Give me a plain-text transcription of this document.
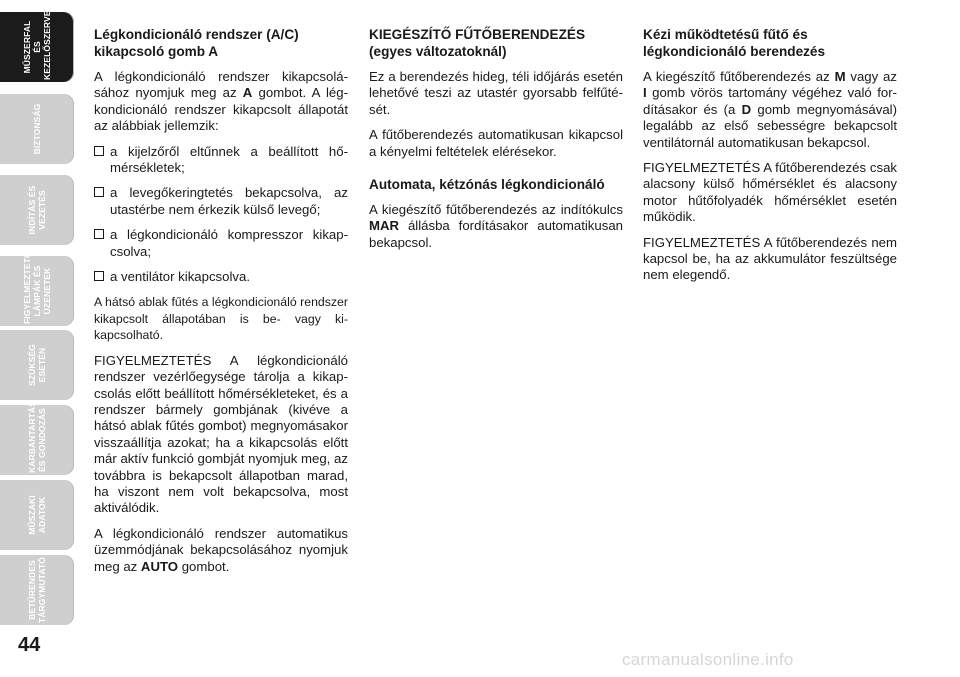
MŰSZERFAL ÉS
KEZELŐSZERVEK
BIZTONSÁG
INDÍTÁS ÉS
VEZETÉS
FIGYELMEZTETŐ
LÁMPÁK ÉS
ÜZENETEK
SZÜKSÉG
ESETÉN
KARBANTARTÁS
ÉS GONDOZÁS
MŰSZAKI
ADATOK
BETŰRENDES
TÁRGYMUTATÓ
44
Légkondicionáló rendszer (A/C) kikapcsoló gomb A

A légkondicionáló rendszer kikapcsolásához nyomjuk meg az A gombot. A légkondicionáló rendszer kikapcsolt állapotát az alábbiak jellemzik:

a kijelzőről eltűnnek a beállított hőmérsékletek;
a levegőkeringtetés bekapcsolva, az utastérbe nem érkezik külső levegő;
a légkondicionáló kompresszor kikapcsolva;
a ventilátor kikapcsolva.

A hátsó ablak fűtés a légkondicionáló rendszer kikapcsolt állapotában is be- vagy kikapcsolható.

FIGYELMEZTETÉS A légkondicionáló rendszer vezérlőegysége tárolja a kikapcsolás előtt beállított hőmérsékleteket, és a rendszer bármely gombjának (kivéve a hátsó ablak fűtés gombot) megnyomásakor visszaállítja azokat; ha a kikapcsolás előtt már aktív funkció gombját nyomjuk meg, az továbbra is bekapcsolt állapotban marad, ha viszont nem volt bekapcsolva, most aktiválódik.

A légkondicionáló rendszer automatikus üzemmódjának bekapcsolásához nyomjuk meg az AUTO gombot.

KIEGÉSZÍTŐ FŰTŐBERENDEZÉS
(egyes változatoknál)

Ez a berendezés hideg, téli időjárás esetén lehetővé teszi az utastér gyorsabb felfűtését.

A fűtőberendezés automatikusan kikapcsol a kényelmi feltételek elérésekor.

Automata, kétzónás légkondicionáló

A kiegészítő fűtőberendezés az indítókulcs MAR állásba fordításakor automatikusan bekapcsol.

Kézi működtetésű fűtő és légkondicionáló berendezés

A kiegészítő fűtőberendezés az M vagy az I gomb vörös tartomány végéhez való fordításakor és (a D gomb megnyomásával) legalább az első sebességre bekapcsolt ventilátornál automatikusan bekapcsol.

FIGYELMEZTETÉS A fűtőberendezés csak alacsony külső hőmérséklet és alacsony motor hűtőfolyadék hőmérséklet esetén működik.

FIGYELMEZTETÉS A fűtőberendezés nem kapcsol be, ha az akkumulátor feszültsége nem elegendő.

carmanualsonline.info
